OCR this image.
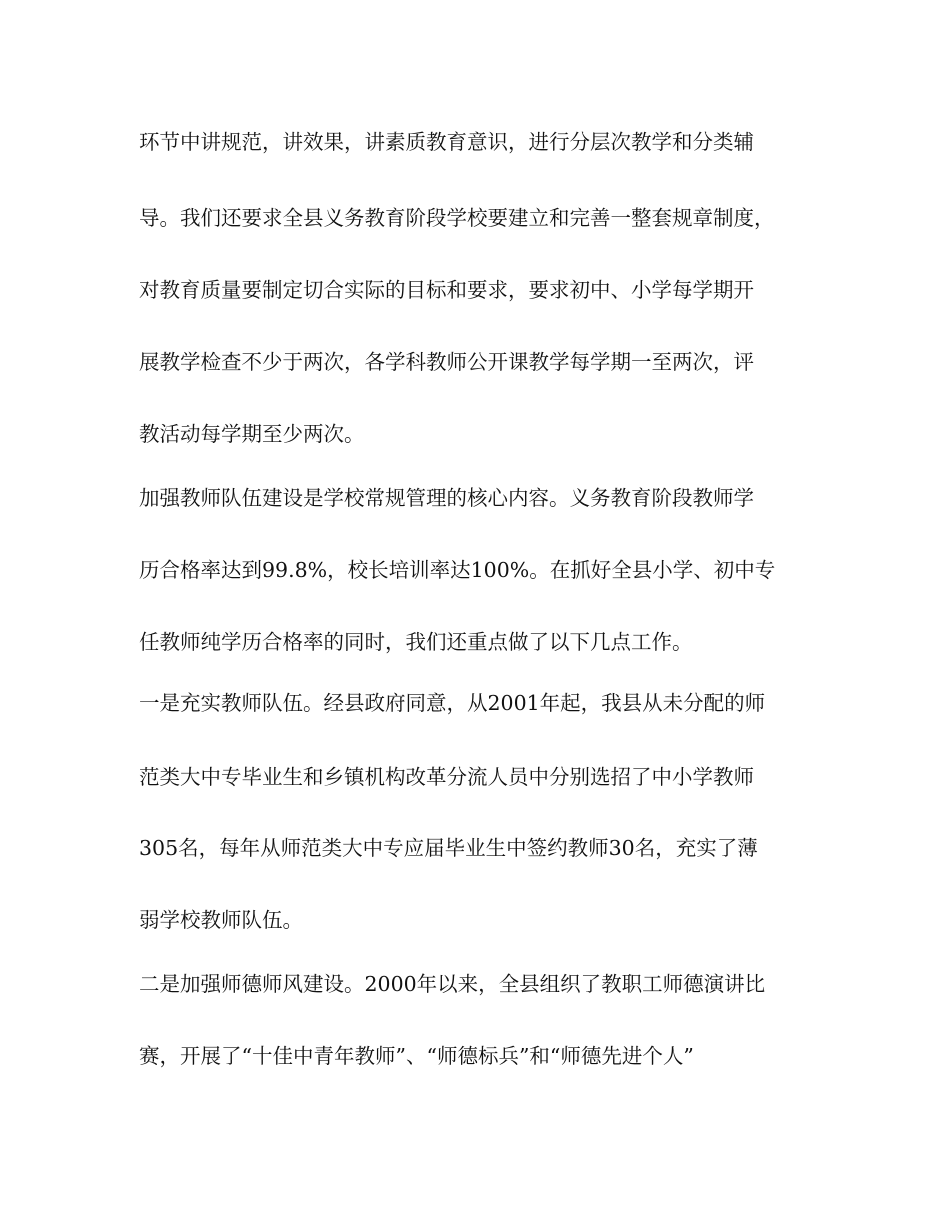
环节中讲规范，讲效果，讲素质教育意识，进行分层次教学和分类辅
导。我们还要求全县义务教育阶段学校要建立和完善一整套规章制度，
对教育质量要制定切合实际的目标和要求，要求初中、小学每学期开
展教学检查不少于两次，各学科教师公开课教学每学期一至两次，评
教活动每学期至少两次。
加强教师队伍建设是学校常规管理的核心内容。义务教育阶段教师学
历合格率达到99.8%，校长培训率达100%。在抓好全县小学、初中专
任教师纯学历合格率的同时，我们还重点做了以下几点工作。
一是充实教师队伍。经县政府同意，从2001年起，我县从未分配的师
范类大中专毕业生和乡镇机构改革分流人员中分别选招了中小学教师
305名，每年从师范类大中专应届毕业生中签约教师30名，充实了薄
弱学校教师队伍。
二是加强师德师风建设。2000年以来，全县组织了教职工师德演讲比
赛，开展了“十佳中青年教师”、“师德标兵”和“师德先进个人”
